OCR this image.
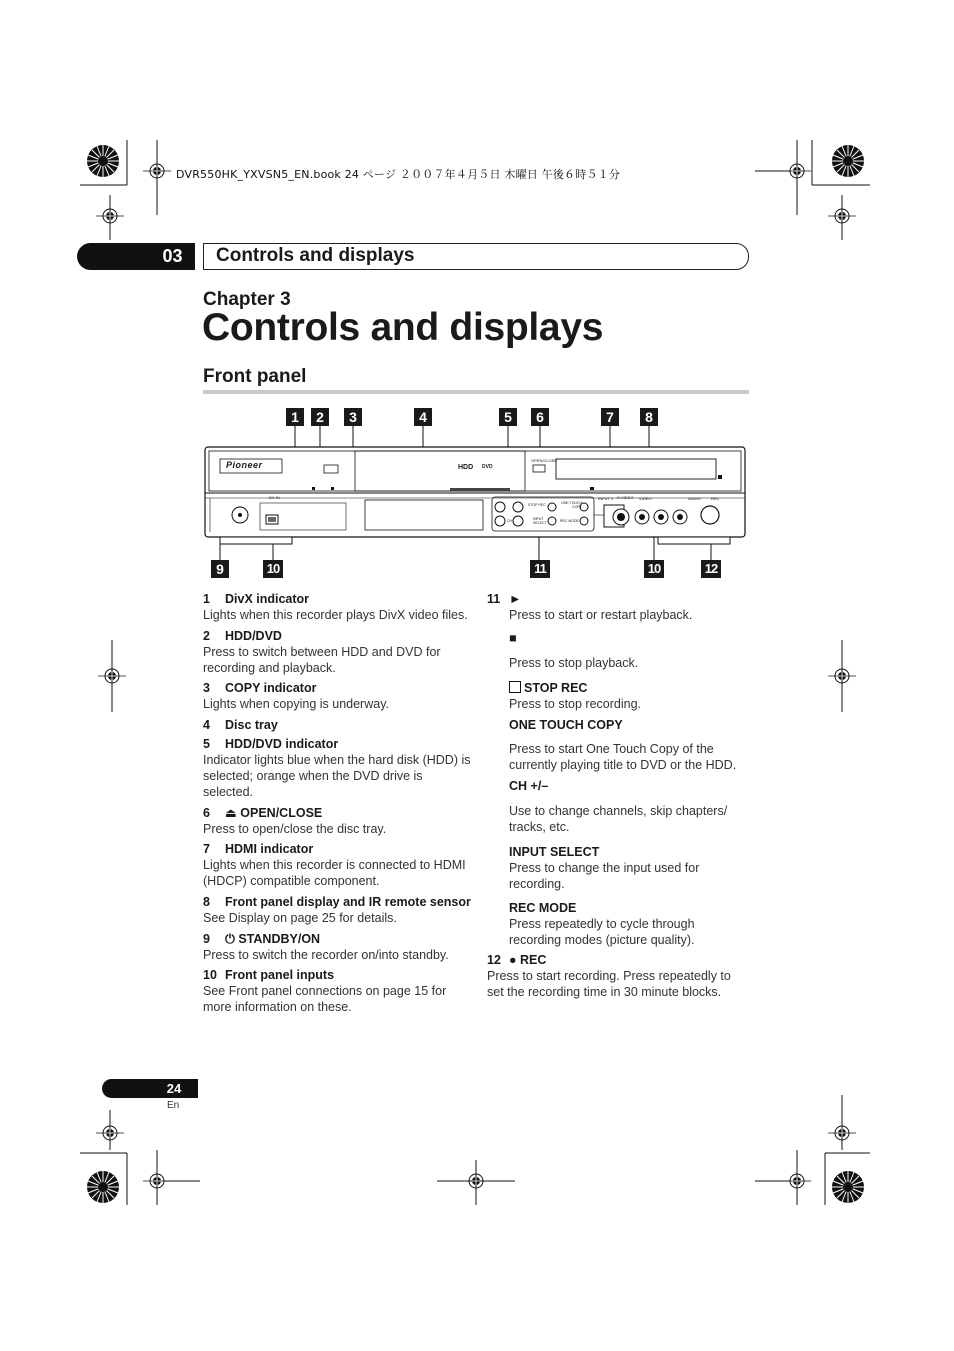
DVR550HK_YXVSN5_EN.book 24 ページ ２００７年４月５日 木曜日 午後６時５１分
03	Controls and displays
Chapter 3
Controls and displays
Front panel
Pioneer	HDD DVD
OPEN/CLOSE
DV IN	INPUT 2 S-VIDEO VIDEO	AUDIO	REC
STOP REC	ONE TOUCH COPY
CH	INPUT SELECT	REC MODE
1	2	3	4	5	6	7	8
9	10	11	10	12
1 DivX indicator
Lights when this recorder plays DivX video files.
2 HDD/DVD
Press to switch between HDD and DVD for recording and playback.
3 COPY indicator
Lights when copying is underway.
4 Disc tray
5 HDD/DVD indicator
Indicator lights blue when the hard disk (HDD) is selected; orange when the DVD drive is selected.
6 ⏏ OPEN/CLOSE
Press to open/close the disc tray.
7 HDMI indicator
Lights when this recorder is connected to HDMI (HDCP) compatible component.
8 Front panel display and IR remote sensor
See Display on page 25 for details.
9 ⏻ STANDBY/ON
Press to switch the recorder on/into standby.
10 Front panel inputs
See Front panel connections on page 15 for more information on these.
11 ►
Press to start or restart playback.
■
Press to stop playback.
STOP REC
Press to stop recording.
ONE TOUCH COPY
Press to start One Touch Copy of the currently playing title to DVD or the HDD.
CH +/–
Use to change channels, skip chapters/ tracks, etc.
INPUT SELECT
Press to change the input used for recording.
REC MODE
Press repeatedly to cycle through recording modes (picture quality).
12 ● REC
Press to start recording. Press repeatedly to set the recording time in 30 minute blocks.
24
En
